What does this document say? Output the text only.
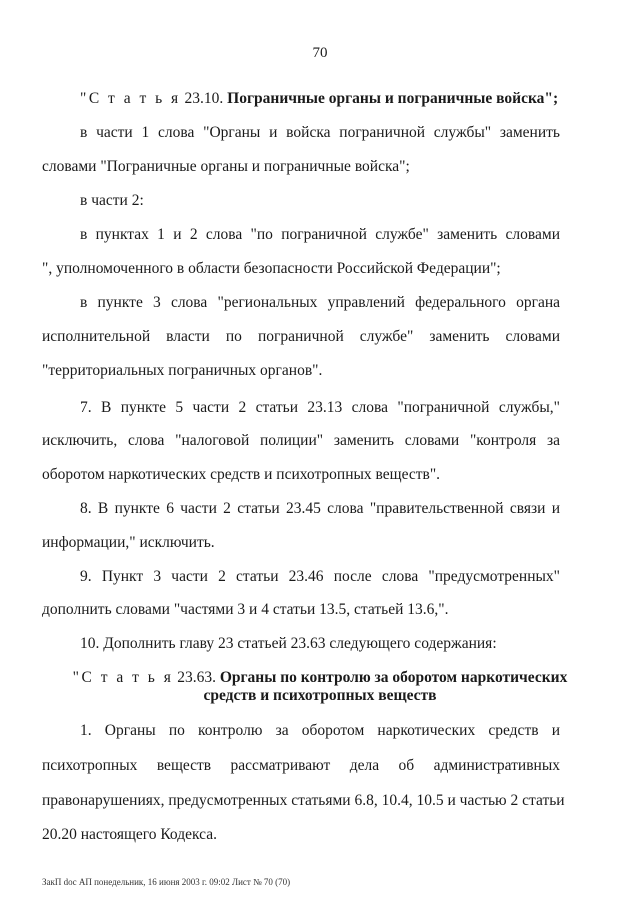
70
"С т а т ь я 23.10. Пограничные органы и пограничные войска";
в части 1 слова "Органы и войска пограничной службы" заменить
словами "Пограничные органы и пограничные войска";
в части 2:
в пунктах 1 и 2 слова "по пограничной службе" заменить словами
", уполномоченного в области безопасности Российской Федерации";
в пункте 3 слова "региональных управлений федерального органа
исполнительной власти по пограничной службе" заменить словами
"территориальных пограничных органов".
7. В пункте 5 части 2 статьи 23.13 слова "пограничной службы,"
исключить, слова "налоговой полиции" заменить словами "контроля за
оборотом наркотических средств и психотропных веществ".
8. В пункте 6 части 2 статьи 23.45 слова "правительственной связи и
информации," исключить.
9. Пункт 3 части 2 статьи 23.46 после слова "предусмотренных"
дополнить словами "частями 3 и 4 статьи 13.5, статьей 13.6,".
10. Дополнить главу 23 статьей 23.63 следующего содержания:
"С т а т ь я 23.63. Органы по контролю за оборотом наркотических
средств и психотропных веществ
1. Органы по контролю за оборотом наркотических средств и
психотропных веществ рассматривают дела об административных
правонарушениях, предусмотренных статьями 6.8, 10.4, 10.5 и частью 2 статьи
20.20 настоящего Кодекса.
ЗакП doc АП понедельник, 16 июня 2003 г. 09:02 Лист № 70 (70)
